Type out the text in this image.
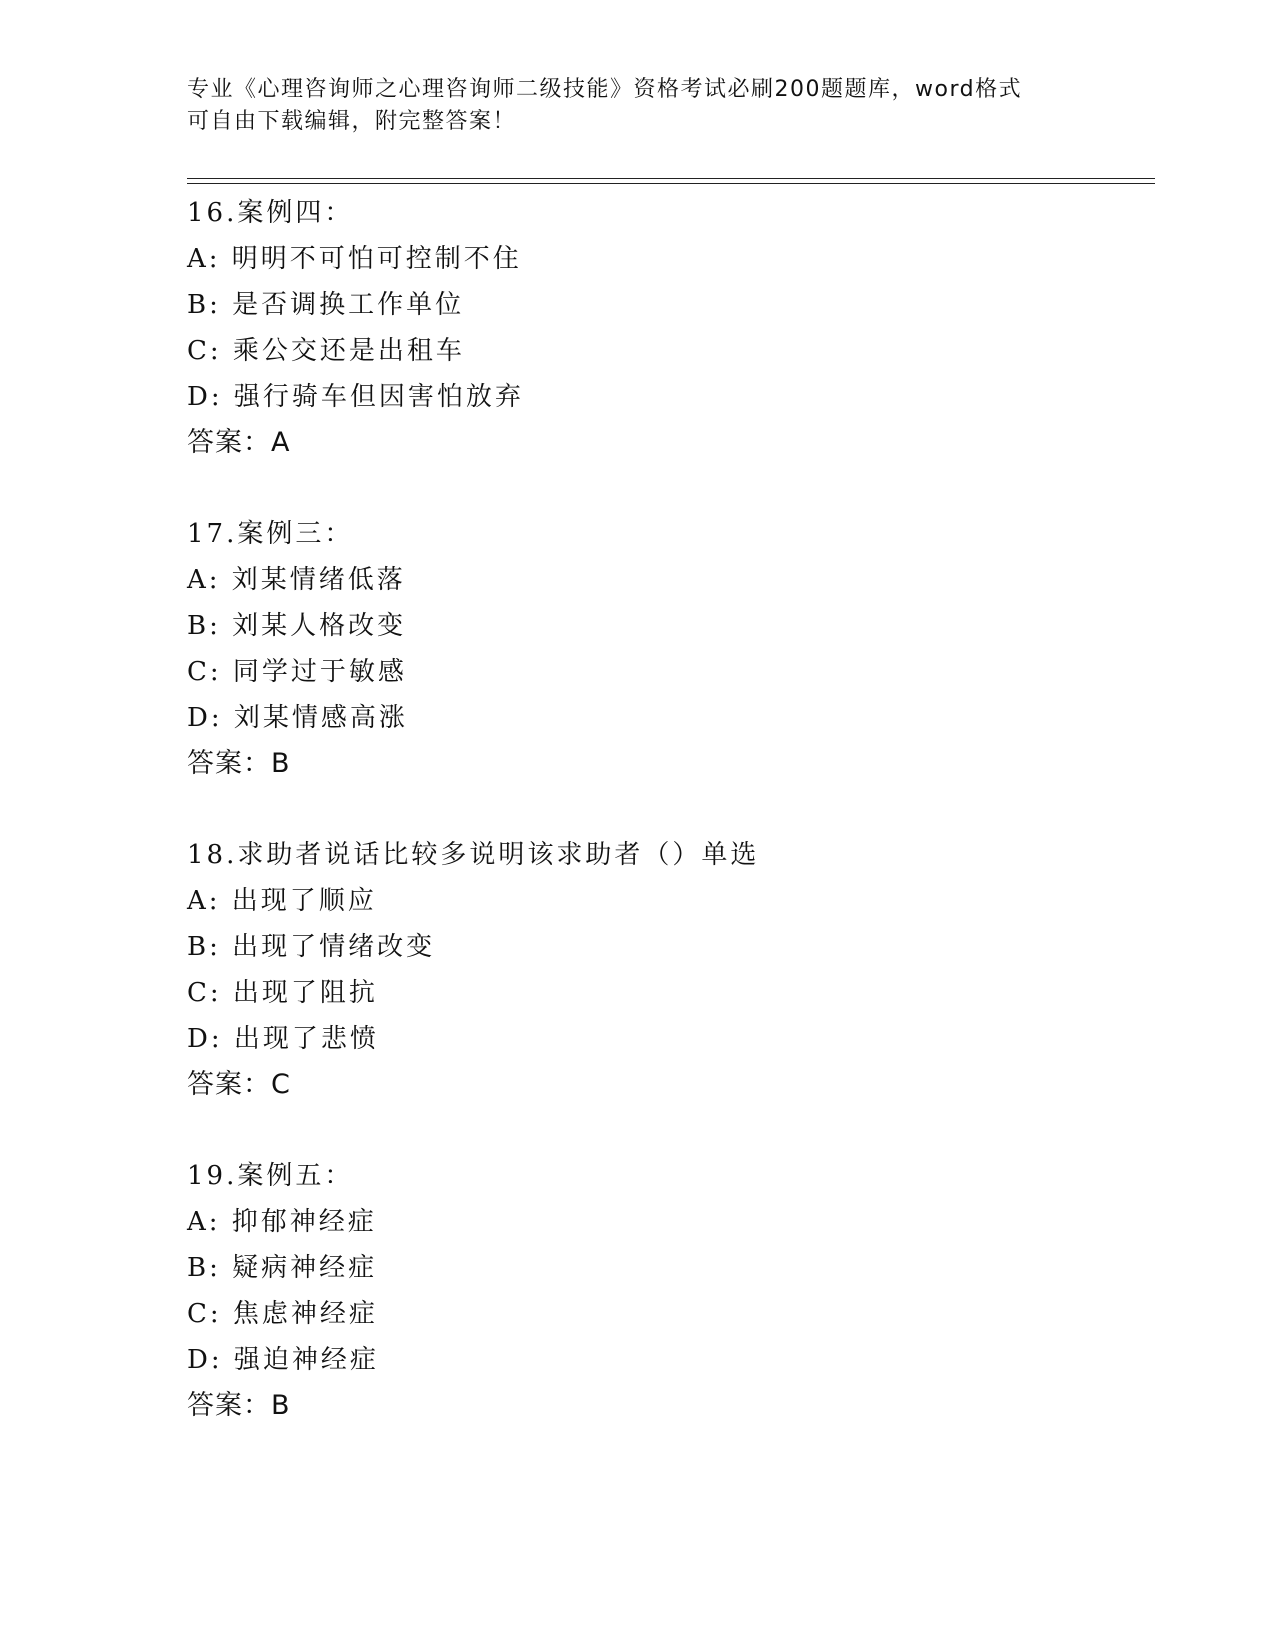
专业《心理咨询师之心理咨询师二级技能》资格考试必刷200题题库，word格式
可自由下载编辑，附完整答案！
16.案例四：
A: 明明不可怕可控制不住
B: 是否调换工作单位
C: 乘公交还是出租车
D: 强行骑车但因害怕放弃
答案：A
17.案例三：
A: 刘某情绪低落
B: 刘某人格改变
C: 同学过于敏感
D: 刘某情感高涨
答案：B
18.求助者说话比较多说明该求助者（）单选
A: 出现了顺应
B: 出现了情绪改变
C: 出现了阻抗
D: 出现了悲愤
答案：C
19.案例五：
A: 抑郁神经症
B: 疑病神经症
C: 焦虑神经症
D: 强迫神经症
答案：B
